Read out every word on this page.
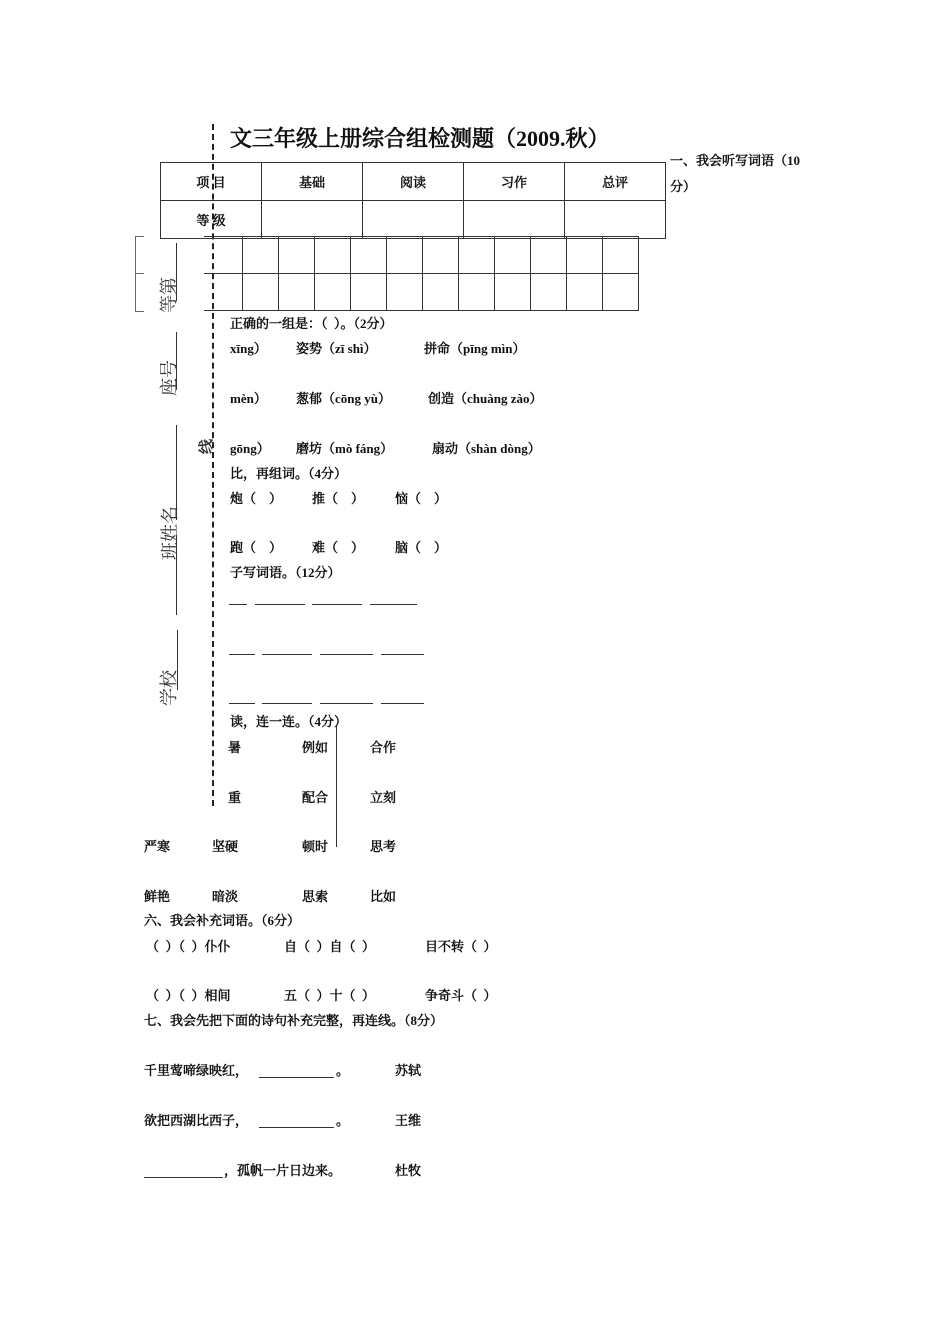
文三年级上册综合组检测题（2009.秋）
线
项 目	基础	阅读	习作	总评
等 级				
一、我会听写词语（10
分）
等第
座号
班姓名
学校
正确的一组是：（  ）。（2分）
xīng） 姿势（zī shì）	拼命（pīng mìn）
mèn） 葱郁（cōng yù）	创造（chuàng zào）
gōng） 磨坊（mò fáng）	扇动（shàn dòng）
比，再组词。（4分）
炮（    ） 推（    ） 恼（    ）
跑（    ） 难（    ） 脑（    ）
子写词语。（12分）
读，连一连。（4分）
暑	例如	合作
重	配合	立刻
严寒	坚硬	顿时	思考
鲜艳	暗淡	思索	比如
六、我会补充词语。（6分）
（  ）（  ）仆仆	自（  ）自（  ）	目不转（  ）
（  ）（  ）相间	五（  ）十（  ）	争奇斗（  ）
七、我会先把下面的诗句补充完整，再连线。（8分）
千里莺啼绿映红，	。	苏轼
欲把西湖比西子，	。	王维
，孤帆一片日边来。	杜牧
